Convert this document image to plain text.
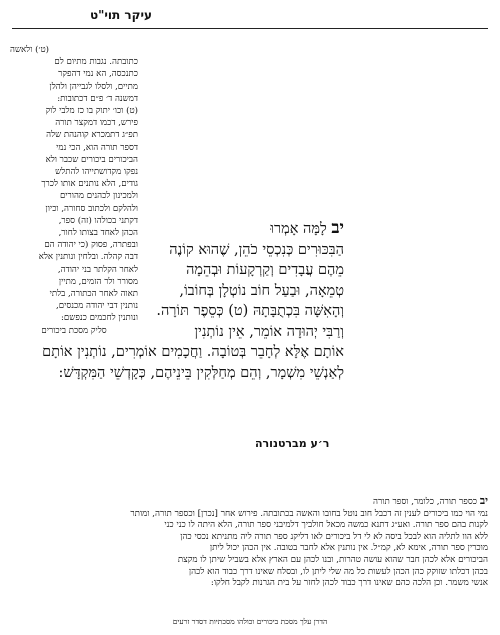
עיקר תוי"ט

(ט׳) ולאשה

כתובתה. נגבות מתיום לם

כתנכסה, הא נמי דהפקר

מתיים, ולסלו לגבייהן ולהלן

דמשנה ד׳ פ״ם דכתובות:

(ט) וכו׳ יתוק בו כז מלבי לוק

פירש, דכמו דמקצר תורה

תפ״ג דתמכרא קוהנהת שלה

דספר תורה הוא, הכי נמי

הביכורים ביכורים שכבר ולא

נפקו מקדושתייהו להתלש

גודים, הלא נותנים אותו לכרך

ולמכינון לכהנים מהורים

ולהלקם ולכתוב סחורה, וכיון

דקתני בכולהו (זה) ספר,

הכהן לאחד בצותו לחור,

ובפתרה, פסוק (כי יהודה הם

דבה קהלה. ובלחין ונותנין אלא

לאחר הקלתר בני יהודה,

מסורר ולר הזמים, מתיין

תאוה לאחר הכתורה, בלתי

נותנין דבי יהודה מכנסים,

ונותנין לחכמים כנפשם:

סליק מסכת ביכורים

יב לָמָּה אָמְרוּ

הַבִּכּוּרִים כְּנִכְסֵי כֹהֵן, שֶׁהוּא קוֹנֶה

מֵהֶם עֲבָדִים וְקַרְקָעוֹת וּבְהֵמָה

טְמֵאָה, וּבַעַל חוֹב נוֹטְלָן בְּחוֹבוֹ,

וְהָאִשָּׁה בִּכְתֻבָּתָהּ (ט) כְּסֵפֶר תּוֹרָה.

וְרַבִּי יְהוּדָה אוֹמֵר, אֵין נוֹתְנִין

אוֹתָם אֶלָּא לְחָבֵר בְּטוֹבָה. וַחֲכָמִים אוֹמְרִים, נוֹתְנִין אוֹתָם

לְאַנְשֵׁי מִשְׁמָר, וְהֵם מְחַלְּקִין בֵּינֵיהֶם, כְּקָדְשֵׁי הַמִּקְדָּשׁ:

ר׳ע מברטנורה

יב כספר תורה, כלומר, וספר תורה

נמי הוי כמו ביכורים לענין זה דכבל חוב נוטל בחובו והאשה בכתובתה. פירוש אחר [נכרן] וכספר תורה, ומותר

לקנות בהם ספר תורה. ואע״ג דתנא כמשה מכאל חולביך דלמיבני ספר תורה, הלא היתה לו כני כני

ללא הוו לתליה הוא לבכל ביסה לא לי דל ביכורים לאו דליקנ ספר תורה ליה מתניתא נכסי כהן

מוכרין ספר תורה, אימא לא, קמ״ל. אין נותנין אלא לחבר בטובה. אין הכהן יכול ליתן

הביכורים אלא לכהן חבר שהוא עושה טהרות, ובנו לכהן עם הארץ אלא בשביל שיתן לו מקצת

בכהן דכלתו שזוקק כהן הכהן לעשות כל מה שלי ליתן לו, ובסלח שאינו דרך כבוד הוא לכהן

אנשי משמר. וכן הלכה כהם שאינו דרך כבוד לכהן לחזר על בית הגרנות לקבל חלקו:

הדרן עלך מסכת ביכורים וכולהו מסכתיות דסדר זרעים
